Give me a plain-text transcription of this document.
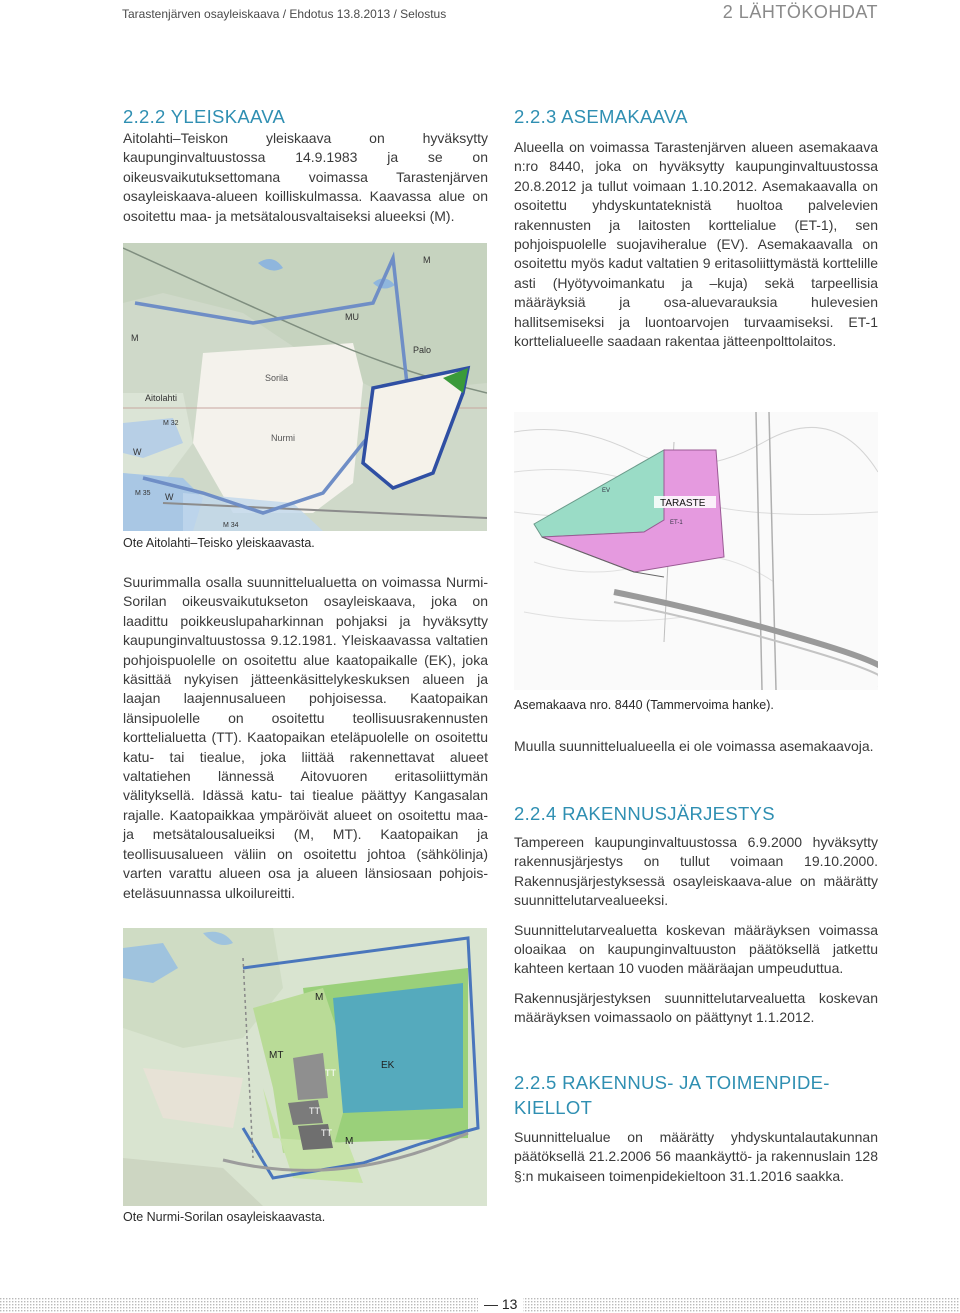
Tarastenjärven osayleiskaava / Ehdotus 13.8.2013 / Selostus	2 LÄHTÖKOHDAT
2.2.2 YLEISKAAVA

Aitolahti–Teiskon yleiskaava on hyväksytty kaupunginvaltuustossa 14.9.1983 ja se on oikeusvaikutuksettomana voimassa Tarastenjärven osayleiskaava-alueen koilliskulmassa. Kaavassa alue on osoitettu maa- ja metsätalousvaltaiseksi alueeksi (M).

M
MU
M
Palo
Sorila
Aitolahti
Nurmi
W
W
M 32
M 35
M 34
Ote Aitolahti–Teisko yleiskaavasta.

Suurimmalla osalla suunnittelualuetta on voimassa Nurmi-Sorilan oikeusvaikutukseton osayleiskaava, joka on laadittu poikkeuslupaharkinnan pohjaksi ja hyväksytty kaupunginvaltuustossa 9.12.1981. Yleiskaavassa valtatien pohjoispuolelle on osoitettu alue kaatopaikalle (EK), joka käsittää nykyisen jätteenkäsittelykeskuksen alueen ja laajan laajennusalueen pohjoisessa. Kaatopaikan länsipuolelle on osoitettu teollisuusrakennusten korttelialuetta (TT). Kaatopaikan eteläpuolelle on osoitettu katu- tai tiealue, joka liittää rakennettavat alueet valtatiehen lännessä Aitovuoren eritasoliittymän välityksellä. Idässä katu- tai tiealue päättyy Kangasalan rajalle. Kaatopaikkaa ympäröivät alueet on osoitettu maa- ja metsätalousalueiksi (M, MT). Kaatopaikan ja teollisuusalueen väliin on osoitettu johtoa (sähkölinja) varten varattu alueen osa ja alueen länsiosaan pohjois-eteläsuunnassa ulkoilureitti.

M
MT
TT
EK
TT
TT
M
Ote Nurmi-Sorilan osayleiskaavasta.
2.2.3 ASEMAKAAVA

Alueella on voimassa Tarastenjärven alueen asemakaava n:ro 8440, joka on hyväksytty kaupunginvaltuustossa 20.8.2012 ja tullut voimaan 1.10.2012. Asemakaavalla on osoitettu yhdyskuntateknistä huoltoa palvelevien rakennusten ja laitosten korttelialue (ET-1), sen pohjoispuolelle suojaviheralue (EV). Asemakaavalla on osoitettu myös kadut valtatien 9 eritasoliittymästä korttelille asti (Hyötyvoimankatu ja –kuja) sekä tarpeellisia määräyksiä ja osa-aluevarauksia hulevesien hallitsemiseksi ja luontoarvojen turvaamiseksi. ET-1 korttelialueelle saadaan rakentaa jätteenpolttolaitos.

TARASTE
EV
ET-1
Asemakaava nro. 8440 (Tammervoima hanke).

Muulla suunnittelualueella ei ole voimassa asemakaavoja.

2.2.4 RAKENNUSJÄRJESTYS

Tampereen kaupunginvaltuustossa 6.9.2000 hyväksytty rakennusjärjestys on tullut voimaan 19.10.2000. Rakennusjärjestyksessä osayleiskaava-alue on määrätty suunnittelutarvealueeksi.

Suunnittelutarvealuetta koskevan määräyksen voimassa oloaikaa on kaupunginvaltuuston päätöksellä jatkettu kahteen kertaan 10 vuoden määräajan umpeuduttua.

Rakennusjärjestyksen suunnittelutarvealuetta koskevan määräyksen voimassaolo on päättynyt 1.1.2012.

2.2.5 RAKENNUS- JA TOIMENPIDE-
KIELLOT

Suunnittelualue on määrätty yhdyskuntalautakunnan päätöksellä 21.2.2006 56 maankäyttö- ja rakennuslain 128 §:n mukaiseen toimenpidekieltoon 31.1.2016 saakka.

— 13
